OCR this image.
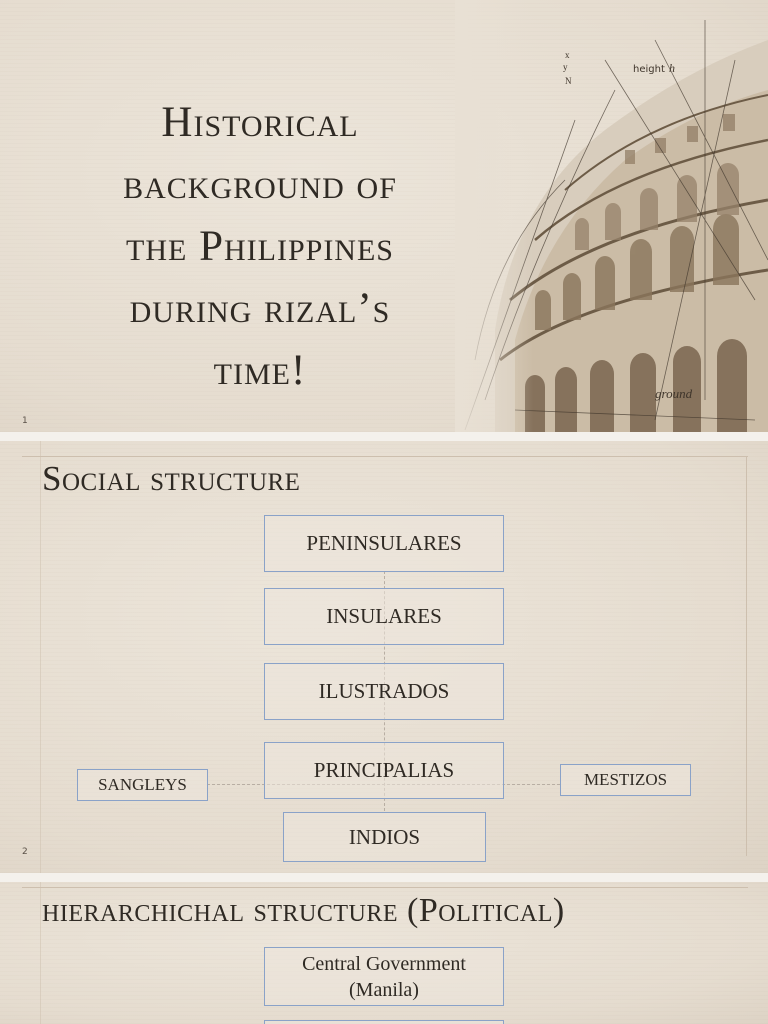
Historical
background of
the Philippines
during rizal’s
time!
height h
ground
y
x
N
1
Social structure
PENINSULARES
INSULARES
ILUSTRADOS
PRINCIPALIAS
INDIOS
SANGLEYS	MESTIZOS
2
hierarchichal structure (Political)
Central Government (Manila)
